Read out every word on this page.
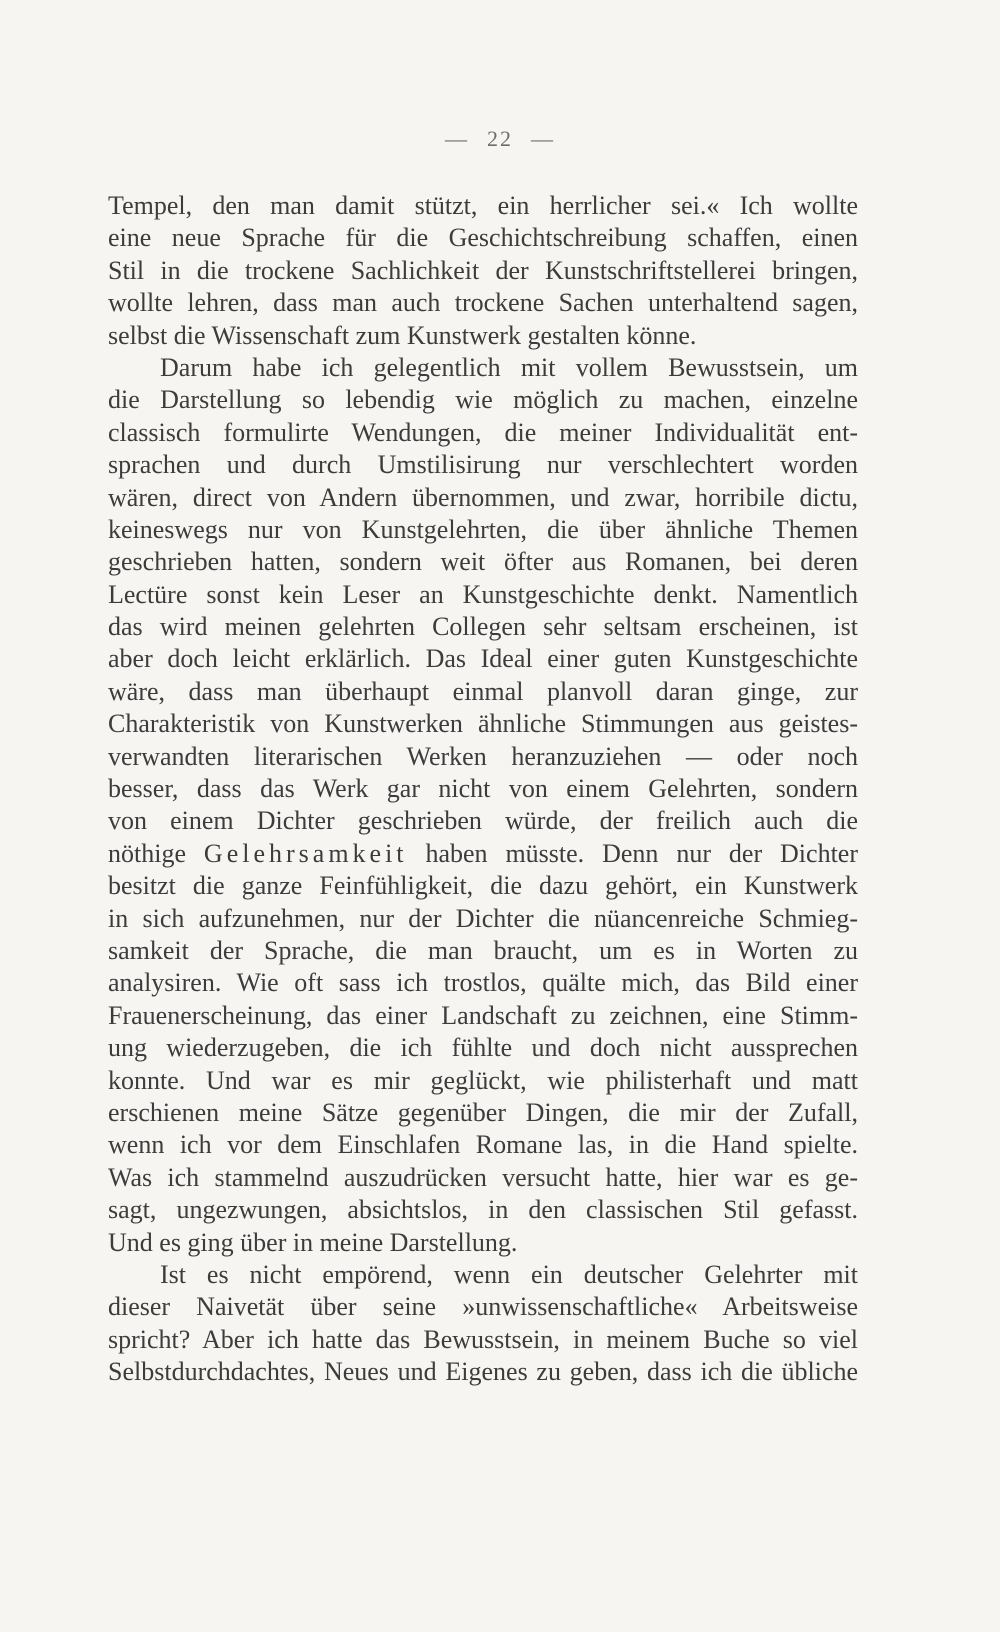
— 22 —
Tempel, den man damit stützt, ein herrlicher sei.« Ich wollte
eine neue Sprache für die Geschichtschreibung schaffen, einen
Stil in die trockene Sachlichkeit der Kunstschriftstellerei bringen,
wollte lehren, dass man auch trockene Sachen unterhaltend sagen,
selbst die Wissenschaft zum Kunstwerk gestalten könne.
Darum habe ich gelegentlich mit vollem Bewusstsein, um
die Darstellung so lebendig wie möglich zu machen, einzelne
classisch formulirte Wendungen, die meiner Individualität ent-
sprachen und durch Umstilisirung nur verschlechtert worden
wären, direct von Andern übernommen, und zwar, horribile dictu,
keineswegs nur von Kunstgelehrten, die über ähnliche Themen
geschrieben hatten, sondern weit öfter aus Romanen, bei deren
Lectüre sonst kein Leser an Kunstgeschichte denkt. Namentlich
das wird meinen gelehrten Collegen sehr seltsam erscheinen, ist
aber doch leicht erklärlich. Das Ideal einer guten Kunstgeschichte
wäre, dass man überhaupt einmal planvoll daran ginge, zur
Charakteristik von Kunstwerken ähnliche Stimmungen aus geistes-
verwandten literarischen Werken heranzuziehen — oder noch
besser, dass das Werk gar nicht von einem Gelehrten, sondern
von einem Dichter geschrieben würde, der freilich auch die
nöthige Gelehrsamkeit haben müsste. Denn nur der Dichter
besitzt die ganze Feinfühligkeit, die dazu gehört, ein Kunstwerk
in sich aufzunehmen, nur der Dichter die nüancenreiche Schmieg-
samkeit der Sprache, die man braucht, um es in Worten zu
analysiren. Wie oft sass ich trostlos, quälte mich, das Bild einer
Frauenerscheinung, das einer Landschaft zu zeichnen, eine Stimm-
ung wiederzugeben, die ich fühlte und doch nicht aussprechen
konnte. Und war es mir geglückt, wie philisterhaft und matt
erschienen meine Sätze gegenüber Dingen, die mir der Zufall,
wenn ich vor dem Einschlafen Romane las, in die Hand spielte.
Was ich stammelnd auszudrücken versucht hatte, hier war es ge-
sagt, ungezwungen, absichtslos, in den classischen Stil gefasst.
Und es ging über in meine Darstellung.
Ist es nicht empörend, wenn ein deutscher Gelehrter mit
dieser Naivetät über seine »unwissenschaftliche« Arbeitsweise
spricht? Aber ich hatte das Bewusstsein, in meinem Buche so viel
Selbstdurchdachtes, Neues und Eigenes zu geben, dass ich die übliche
